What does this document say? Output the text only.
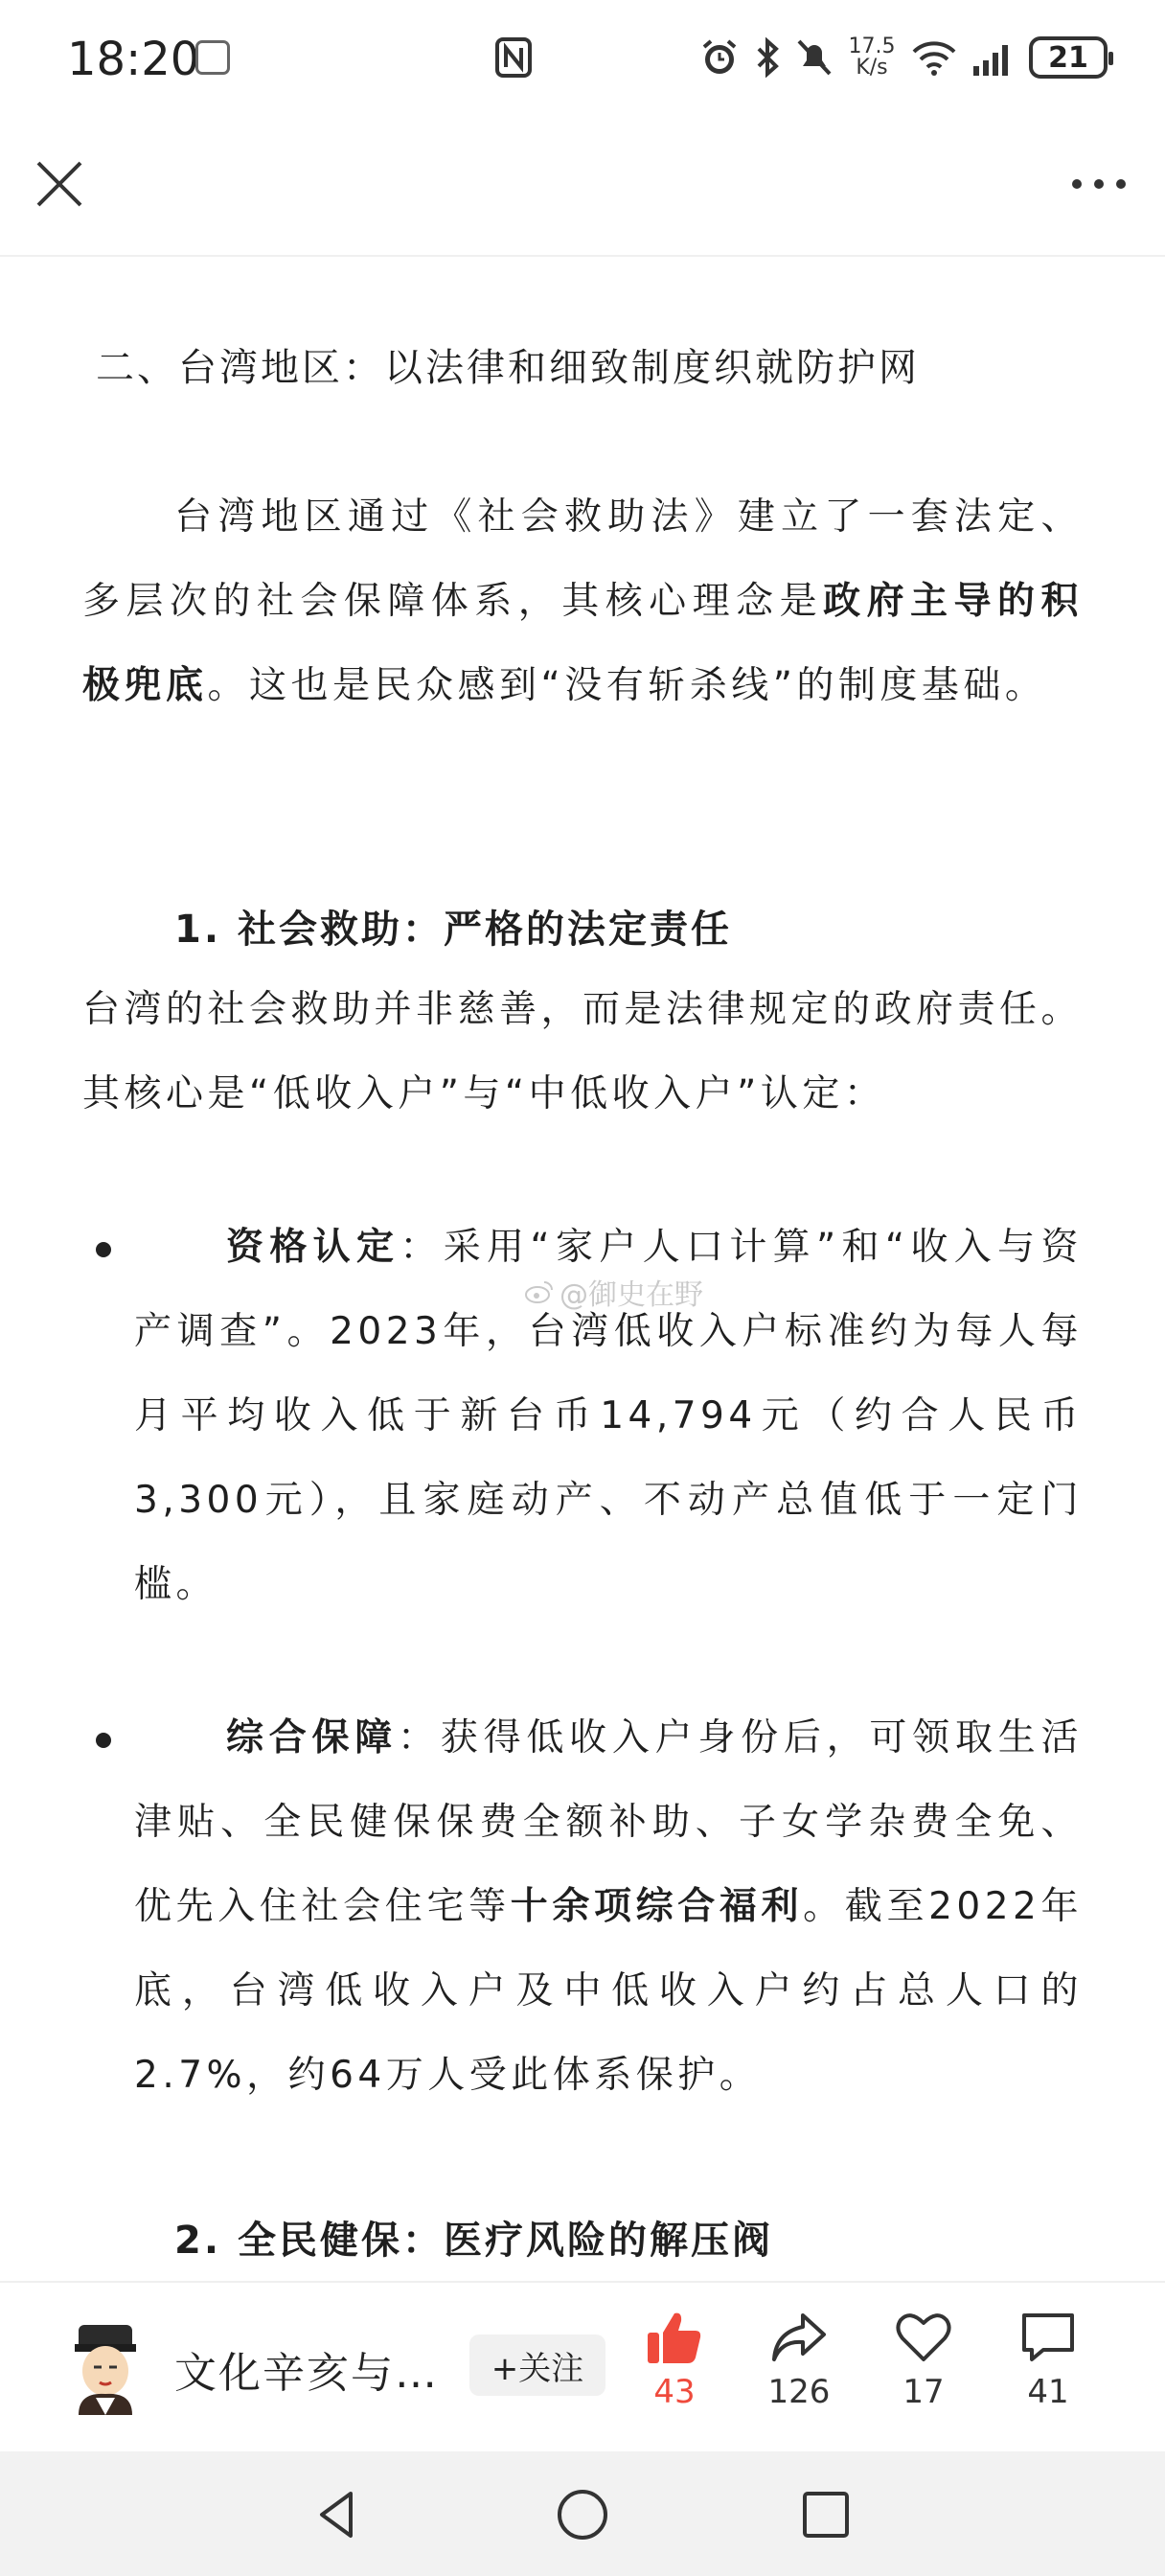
18:20	17.5
K/s	21
二、台湾地区：以法律和细致制度织就防护网
台湾地区通过《社会救助法》建立了一套法定、多层次的社会保障体系，其核心理念是政府主导的积极兜底。这也是民众感到“没有斩杀线”的制度基础。
1. 社会救助：严格的法定责任
台湾的社会救助并非慈善，而是法律规定的政府责任。其核心是“低收入户”与“中低收入户”认定：
资格认定：采用“家户人口计算”和“收入与资产调查”。2023年，台湾低收入户标准约为每人每月平均收入低于新台币14,794元（约合人民币3,300元），且家庭动产、不动产总值低于一定门槛。
@御史在野
综合保障：获得低收入户身份后，可领取生活津贴、全民健保保费全额补助、子女学杂费全免、优先入住社会住宅等十余项综合福利。截至2022年底，台湾低收入户及中低收入户约占总人口的2.7%，约64万人受此体系保护。
2. 全民健保：医疗风险的解压阀
文化辛亥与…	+关注
43	126	17	41
